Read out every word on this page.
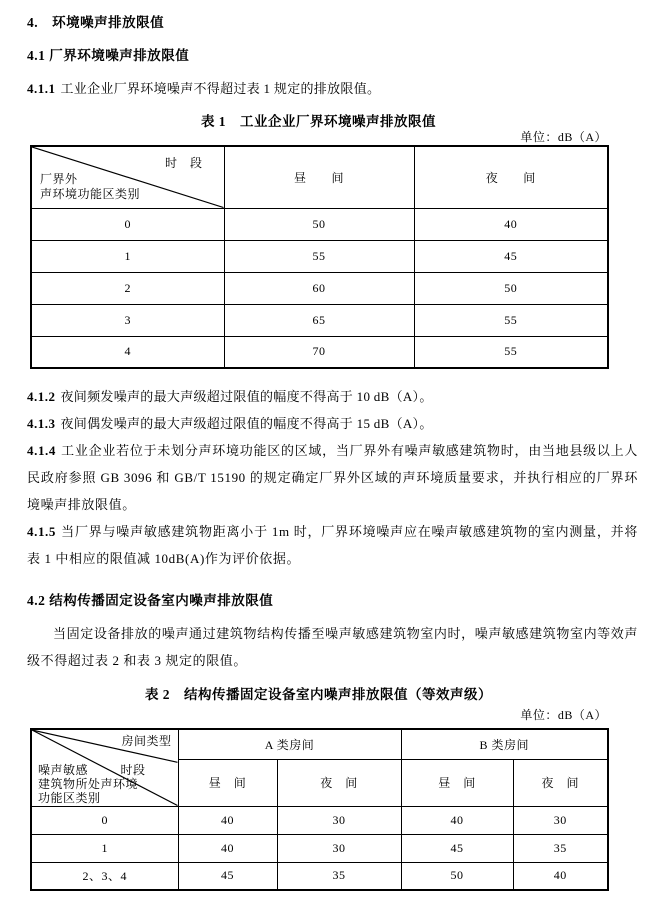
4.　环境噪声排放限值
4.1 厂界环境噪声排放限值
4.1.1 工业企业厂界环境噪声不得超过表 1 规定的排放限值。
表 1　工业企业厂界环境噪声排放限值
单位：dB（A）
时　段
厂界外
声环境功能区类别	昼　　间	夜　　间
0	50	40
1	55	45
2	60	50
3	65	55
4	70	55
4.1.2 夜间频发噪声的最大声级超过限值的幅度不得高于 10 dB（A）。
4.1.3 夜间偶发噪声的最大声级超过限值的幅度不得高于 15 dB（A）。
4.1.4 工业企业若位于未划分声环境功能区的区域，当厂界外有噪声敏感建筑物时，由当地县级以上人民政府参照 GB 3096 和 GB/T 15190 的规定确定厂界外区域的声环境质量要求，并执行相应的厂界环境噪声排放限值。
4.1.5 当厂界与噪声敏感建筑物距离小于 1m 时，厂界环境噪声应在噪声敏感建筑物的室内测量，并将表 1 中相应的限值减 10dB(A)作为评价依据。
4.2 结构传播固定设备室内噪声排放限值
当固定设备排放的噪声通过建筑物结构传播至噪声敏感建筑物室内时，噪声敏感建筑物室内等效声级不得超过表 2 和表 3 规定的限值。
表 2　结构传播固定设备室内噪声排放限值（等效声级）
单位：dB（A）
房间类型
时段
噪声敏感
建筑物所处声环境
功能区类别	A 类房间		B 类房间	
	昼　间	夜　间	昼　间	夜　间
0	40	30	40	30
1	40	30	45	35
2、3、4	45	35	50	40
